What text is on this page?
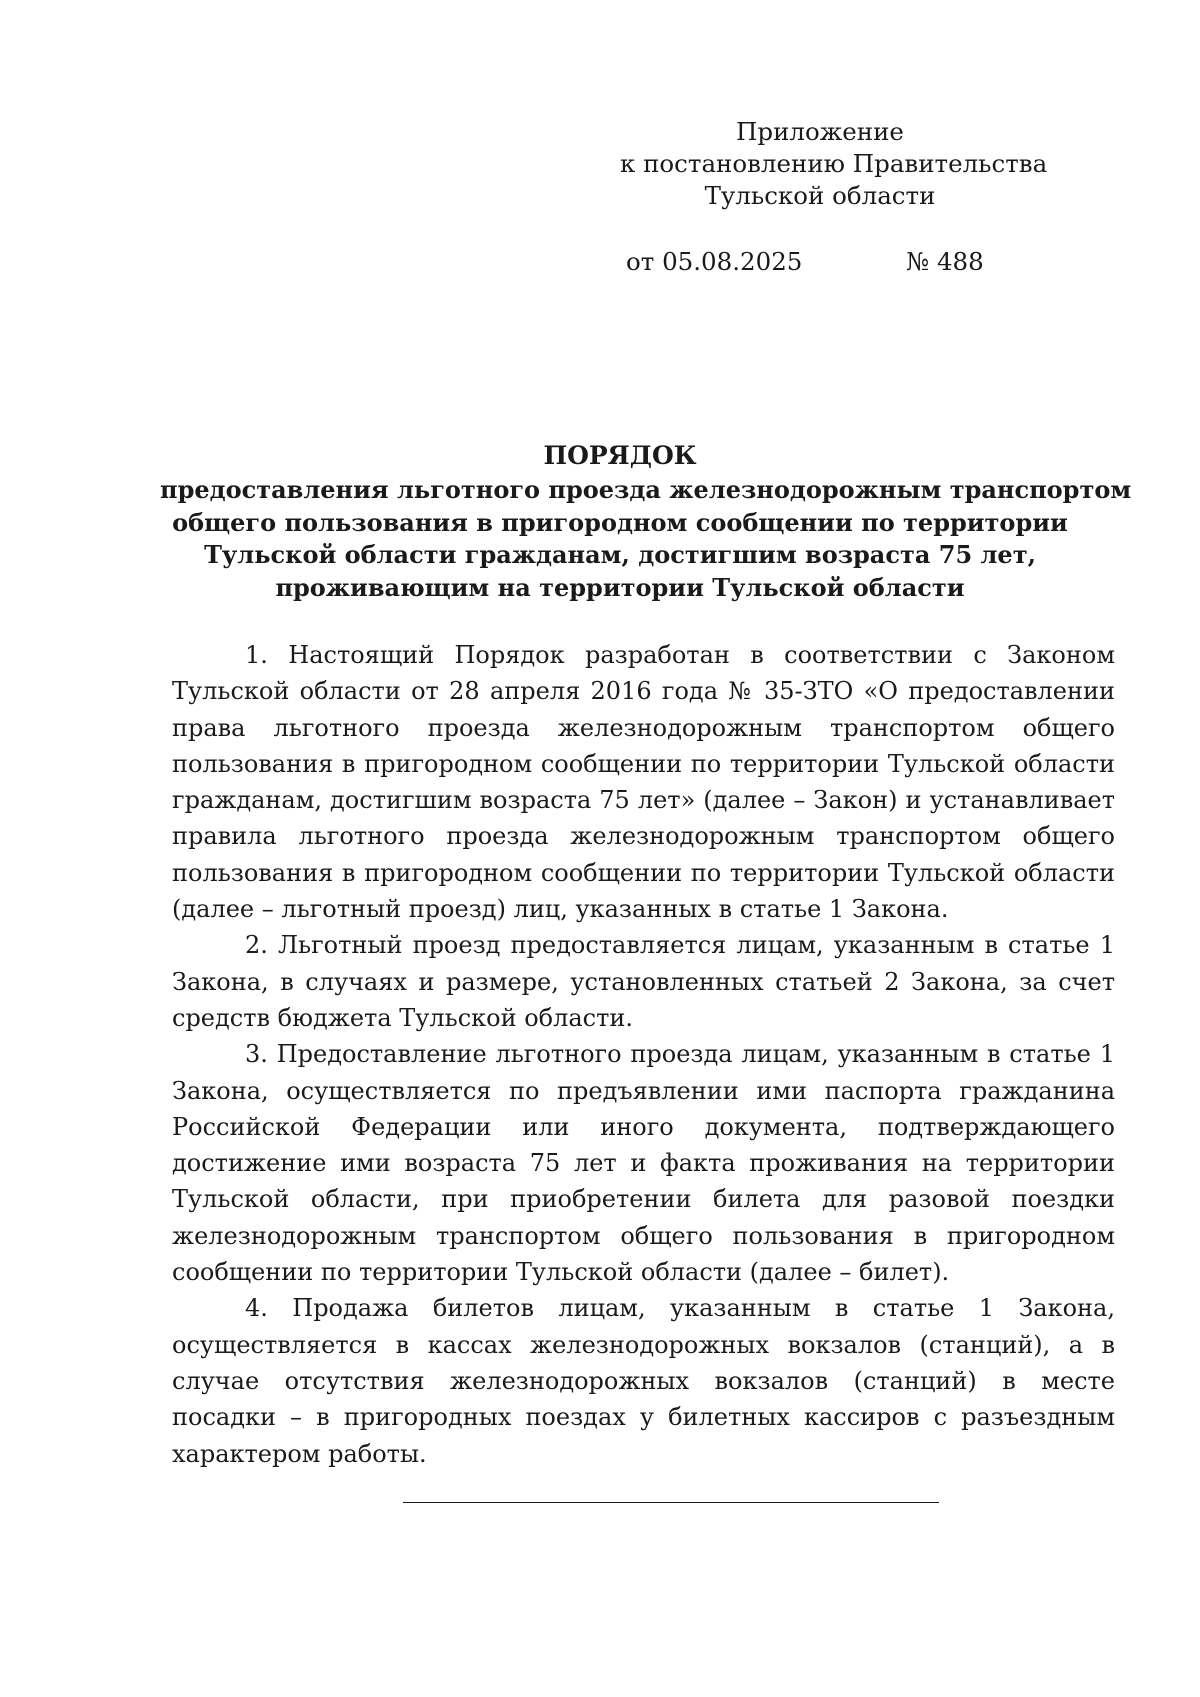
Приложение
к постановлению Правительства
Тульской области
от 05.08.2025	№ 488
ПОРЯДОК
предоставления льготного проезда железнодорожным транспортом
общего пользования в пригородном сообщении по территории
Тульской области гражданам, достигшим возраста 75 лет,
проживающим на территории Тульской области

1. Настоящий Порядок разработан в соответствии с Законом Тульской области от 28 апреля 2016 года № 35-ЗТО «О предоставлении права льготного проезда железнодорожным транспортом общего пользования в пригородном сообщении по территории Тульской области гражданам, достигшим возраста 75 лет» (далее – Закон) и устанавливает правила льготного проезда железнодорожным транспортом общего пользования в пригородном сообщении по территории Тульской области (далее – льготный проезд) лиц, указанных в статье 1 Закона.

2. Льготный проезд предоставляется лицам, указанным в статье 1 Закона, в случаях и размере, установленных статьей 2 Закона, за счет средств бюджета Тульской области.

3. Предоставление льготного проезда лицам, указанным в статье 1 Закона, осуществляется по предъявлении ими паспорта гражданина Российской Федерации или иного документа, подтверждающего достижение ими возраста 75 лет и факта проживания на территории Тульской области, при приобретении билета для разовой поездки железнодорожным транспортом общего пользования в пригородном сообщении по территории Тульской области (далее – билет).

4. Продажа билетов лицам, указанным в статье 1 Закона, осуществляется в кассах железнодорожных вокзалов (станций), а в случае отсутствия железнодорожных вокзалов (станций) в месте посадки – в пригородных поездах у билетных кассиров с разъездным характером работы.
